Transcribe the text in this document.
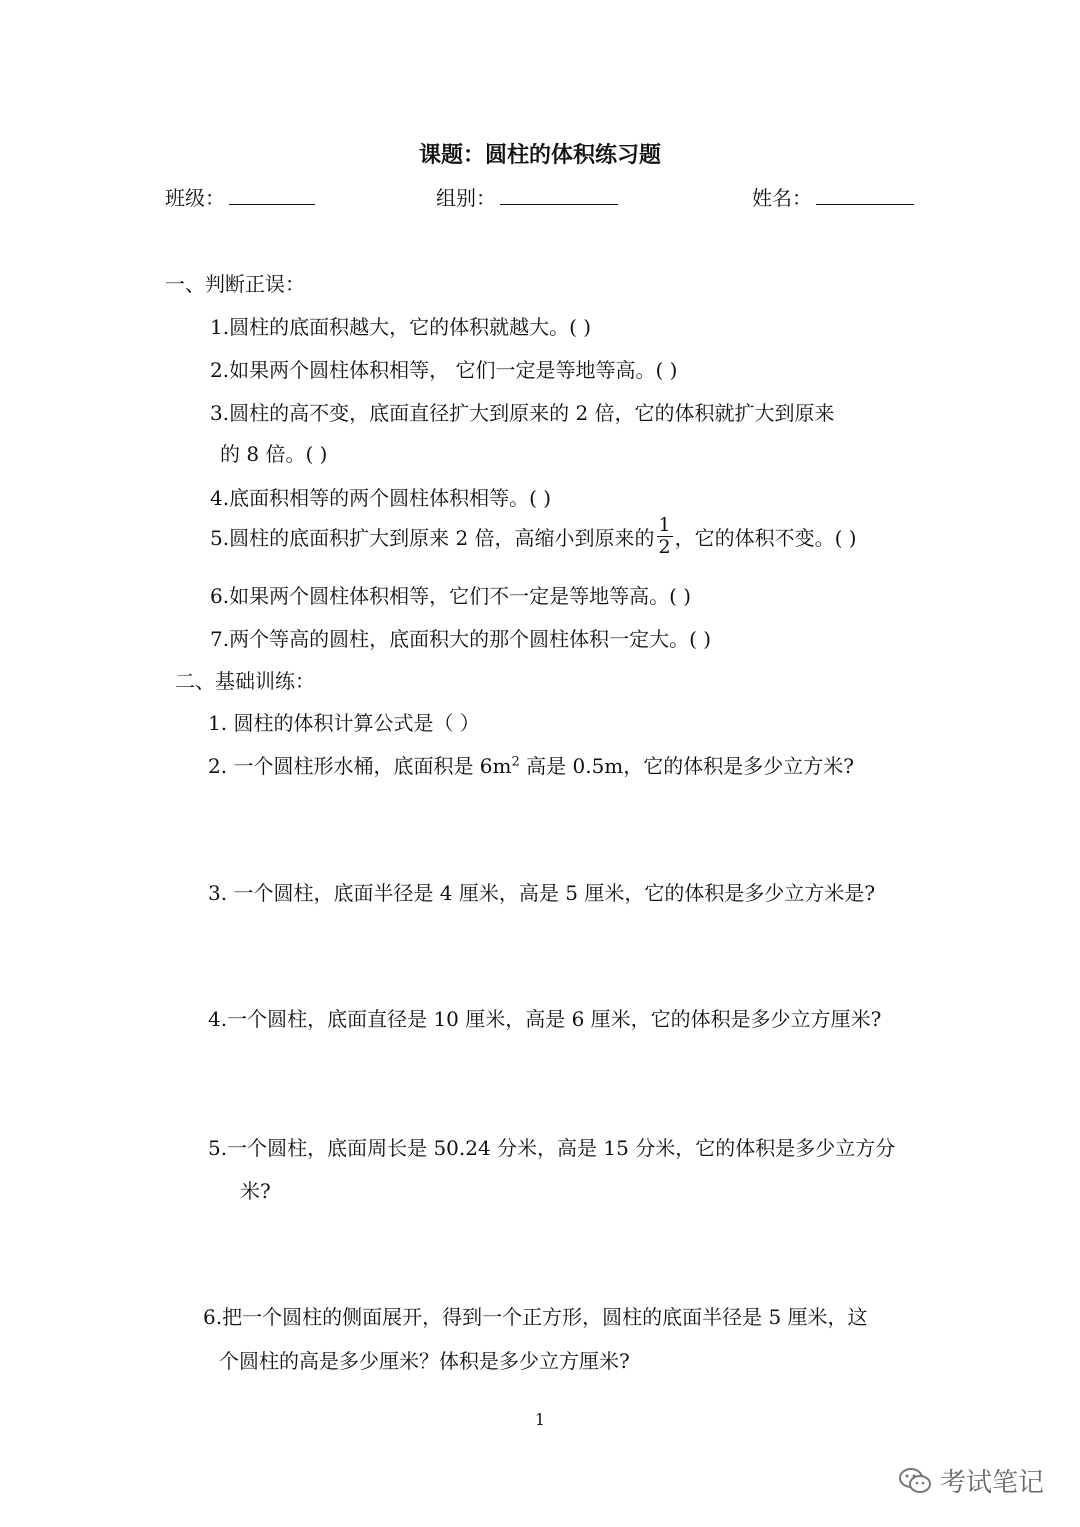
课题：圆柱的体积练习题
班级：	组别：	姓名：
一、判断正误：
1.圆柱的底面积越大，它的体积就越大。( )
2.如果两个圆柱体积相等， 它们一定是等地等高。( )
3.圆柱的高不变，底面直径扩大到原来的 2 倍，它的体积就扩大到原来
的 8 倍。( )
4.底面积相等的两个圆柱体积相等。( )
5.圆柱的底面积扩大到原来 2 倍，高缩小到原来的 $\frac{1}{2}$ ，它的体积不变。( )
6.如果两个圆柱体积相等，它们不一定是等地等高。( )
7.两个等高的圆柱，底面积大的那个圆柱体积一定大。( )
二、基础训练：
1. 圆柱的体积计算公式是（ ）
2. 一个圆柱形水桶，底面积是 $6m^2$ 高是 0.5m，它的体积是多少立方米?
3. 一个圆柱，底面半径是 4 厘米，高是 5 厘米，它的体积是多少立方米是?
4.一个圆柱，底面直径是 10 厘米，高是 6 厘米，它的体积是多少立方厘米?
5.一个圆柱，底面周长是 50.24 分米，高是 15 分米，它的体积是多少立方分
米?
6.把一个圆柱的侧面展开，得到一个正方形，圆柱的底面半径是 5 厘米，这
个圆柱的高是多少厘米？体积是多少立方厘米?
1
考试笔记
